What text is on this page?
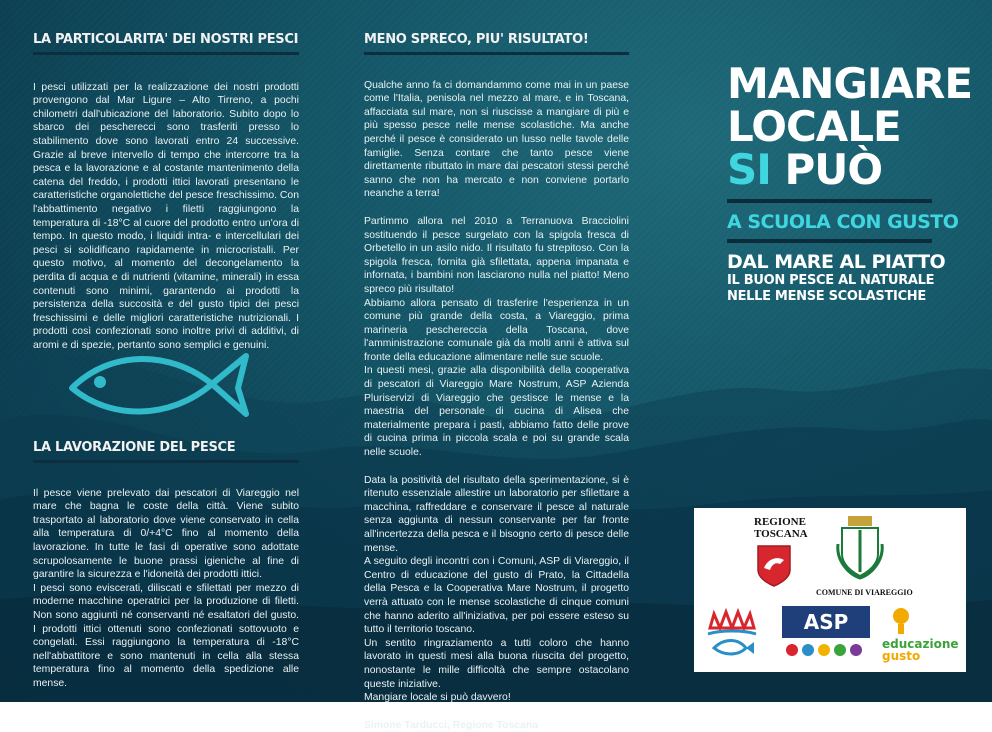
LA PARTICOLARITA' DEI NOSTRI PESCI

I pesci utilizzati per la realizzazione dei nostri prodotti provengono dal Mar Ligure – Alto Tirreno, a pochi chilometri dall'ubicazione del laboratorio. Subito dopo lo sbarco dei pescherecci sono trasferiti presso lo stabilimento dove sono lavorati entro 24 successive. Grazie al breve intervello di tempo che intercorre tra la pesca e la lavorazione e al costante mantenimento della catena del freddo, i prodotti ittici lavorati presentano le caratteristiche organolettiche del pesce freschissimo. Con l'abbattimento negativo i filetti raggiungono la temperatura di -18°C al cuore del prodotto entro un'ora di tempo. In questo modo, i liquidi intra- e intercellulari dei pesci si solidificano rapidamente in microcristalli. Per questo motivo, al momento del decongelamento la perdita di acqua e di nutrienti (vitamine, minerali) in essa contenuti sono minimi, garantendo ai prodotti la persistenza della succosità e del gusto tipici dei pesci freschissimi e delle migliori caratteristiche nutrizionali. I prodotti così confezionati sono inoltre privi di additivi, di aromi e di spezie, pertanto sono semplici e genuini.

LA LAVORAZIONE DEL PESCE

Il pesce viene prelevato dai pescatori di Viareggio nel mare che bagna le coste della città. Viene subito trasportato al laboratorio dove viene conservato in cella alla temperatura di 0/+4°C fino al momento della lavorazione. In tutte le fasi di operative sono adottate scrupolosamente le buone prassi igieniche al fine di garantire la sicurezza e l'idoneità dei prodotti ittici.

I pesci sono eviscerati, diliscati e sfilettati per mezzo di moderne macchine operatrici per la produzione di filetti. Non sono aggiunti né conservanti né esaltatori del gusto. I prodotti ittici ottenuti sono confezionati sottovuoto e congelati. Essi raggiungono la temperatura di -18°C nell'abbattitore e sono mantenuti in cella alla stessa temperatura fino al momento della spedizione alle mense.

MENO SPRECO, PIU' RISULTATO!

Qualche anno fa ci domandammo come mai in un paese come l'Italia, penisola nel mezzo al mare, e in Toscana, affacciata sul mare, non si riuscisse a mangiare di più e più spesso pesce nelle mense scolastiche. Ma anche perché il pesce è considerato un lusso nelle tavole delle famiglie. Senza contare che tanto pesce viene direttamente ributtato in mare dai pescatori stessi perché sanno che non ha mercato e non conviene portarlo neanche a terra!

Partimmo allora nel 2010 a Terranuova Bracciolini sostituendo il pesce surgelato con la spigola fresca di Orbetello in un asilo nido. Il risultato fu strepitoso. Con la spigola fresca, fornita già sfilettata, appena impanata e infornata, i bambini non lasciarono nulla nel piatto! Meno spreco più risultato!

Abbiamo allora pensato di trasferire l'esperienza in un comune più grande della costa, a Viareggio, prima marineria peschereccia della Toscana, dove l'amministrazione comunale già da molti anni è attiva sul fronte della educazione alimentare nelle sue scuole.

In questi mesi, grazie alla disponibilità della cooperativa di pescatori di Viareggio Mare Nostrum, ASP Azienda Pluriservizi di Viareggio che gestisce le mense e la maestria del personale di cucina di Alisea che materialmente prepara i pasti, abbiamo fatto delle prove di cucina prima in piccola scala e poi su grande scala nelle scuole.

Data la positività del risultato della sperimentazione, si è ritenuto essenziale allestire un laboratorio per sfilettare a macchina, raffreddare e conservare il pesce al naturale senza aggiunta di nessun conservante per far fronte all'incertezza della pesca e il bisogno certo di pesce delle mense.

A seguito degli incontri con i Comuni, ASP di Viareggio, il Centro di educazione del gusto di Prato, la Cittadella della Pesca e la Cooperativa Mare Nostrum, il progetto verrà attuato con le mense scolastiche di cinque comuni che hanno aderito all'iniziativa, per poi essere esteso su tutto il territorio toscano.

Un sentito ringraziamento a tutti coloro che hanno lavorato in questi mesi alla buona riuscita del progetto, nonostante le mille difficoltà che sempre ostacolano queste iniziative.

Mangiare locale si può davvero!

Simone Tarducci, Regione Toscana

MANGIARE
LOCALE
SI PUÒ
A SCUOLA CON GUSTO
DAL MARE AL PIATTO
IL BUON PESCE AL NATURALE
NELLE MENSE SCOLASTICHE
REGIONE
TOSCANA
COMUNE DI VIAREGGIO
ASP
educazione
gusto
